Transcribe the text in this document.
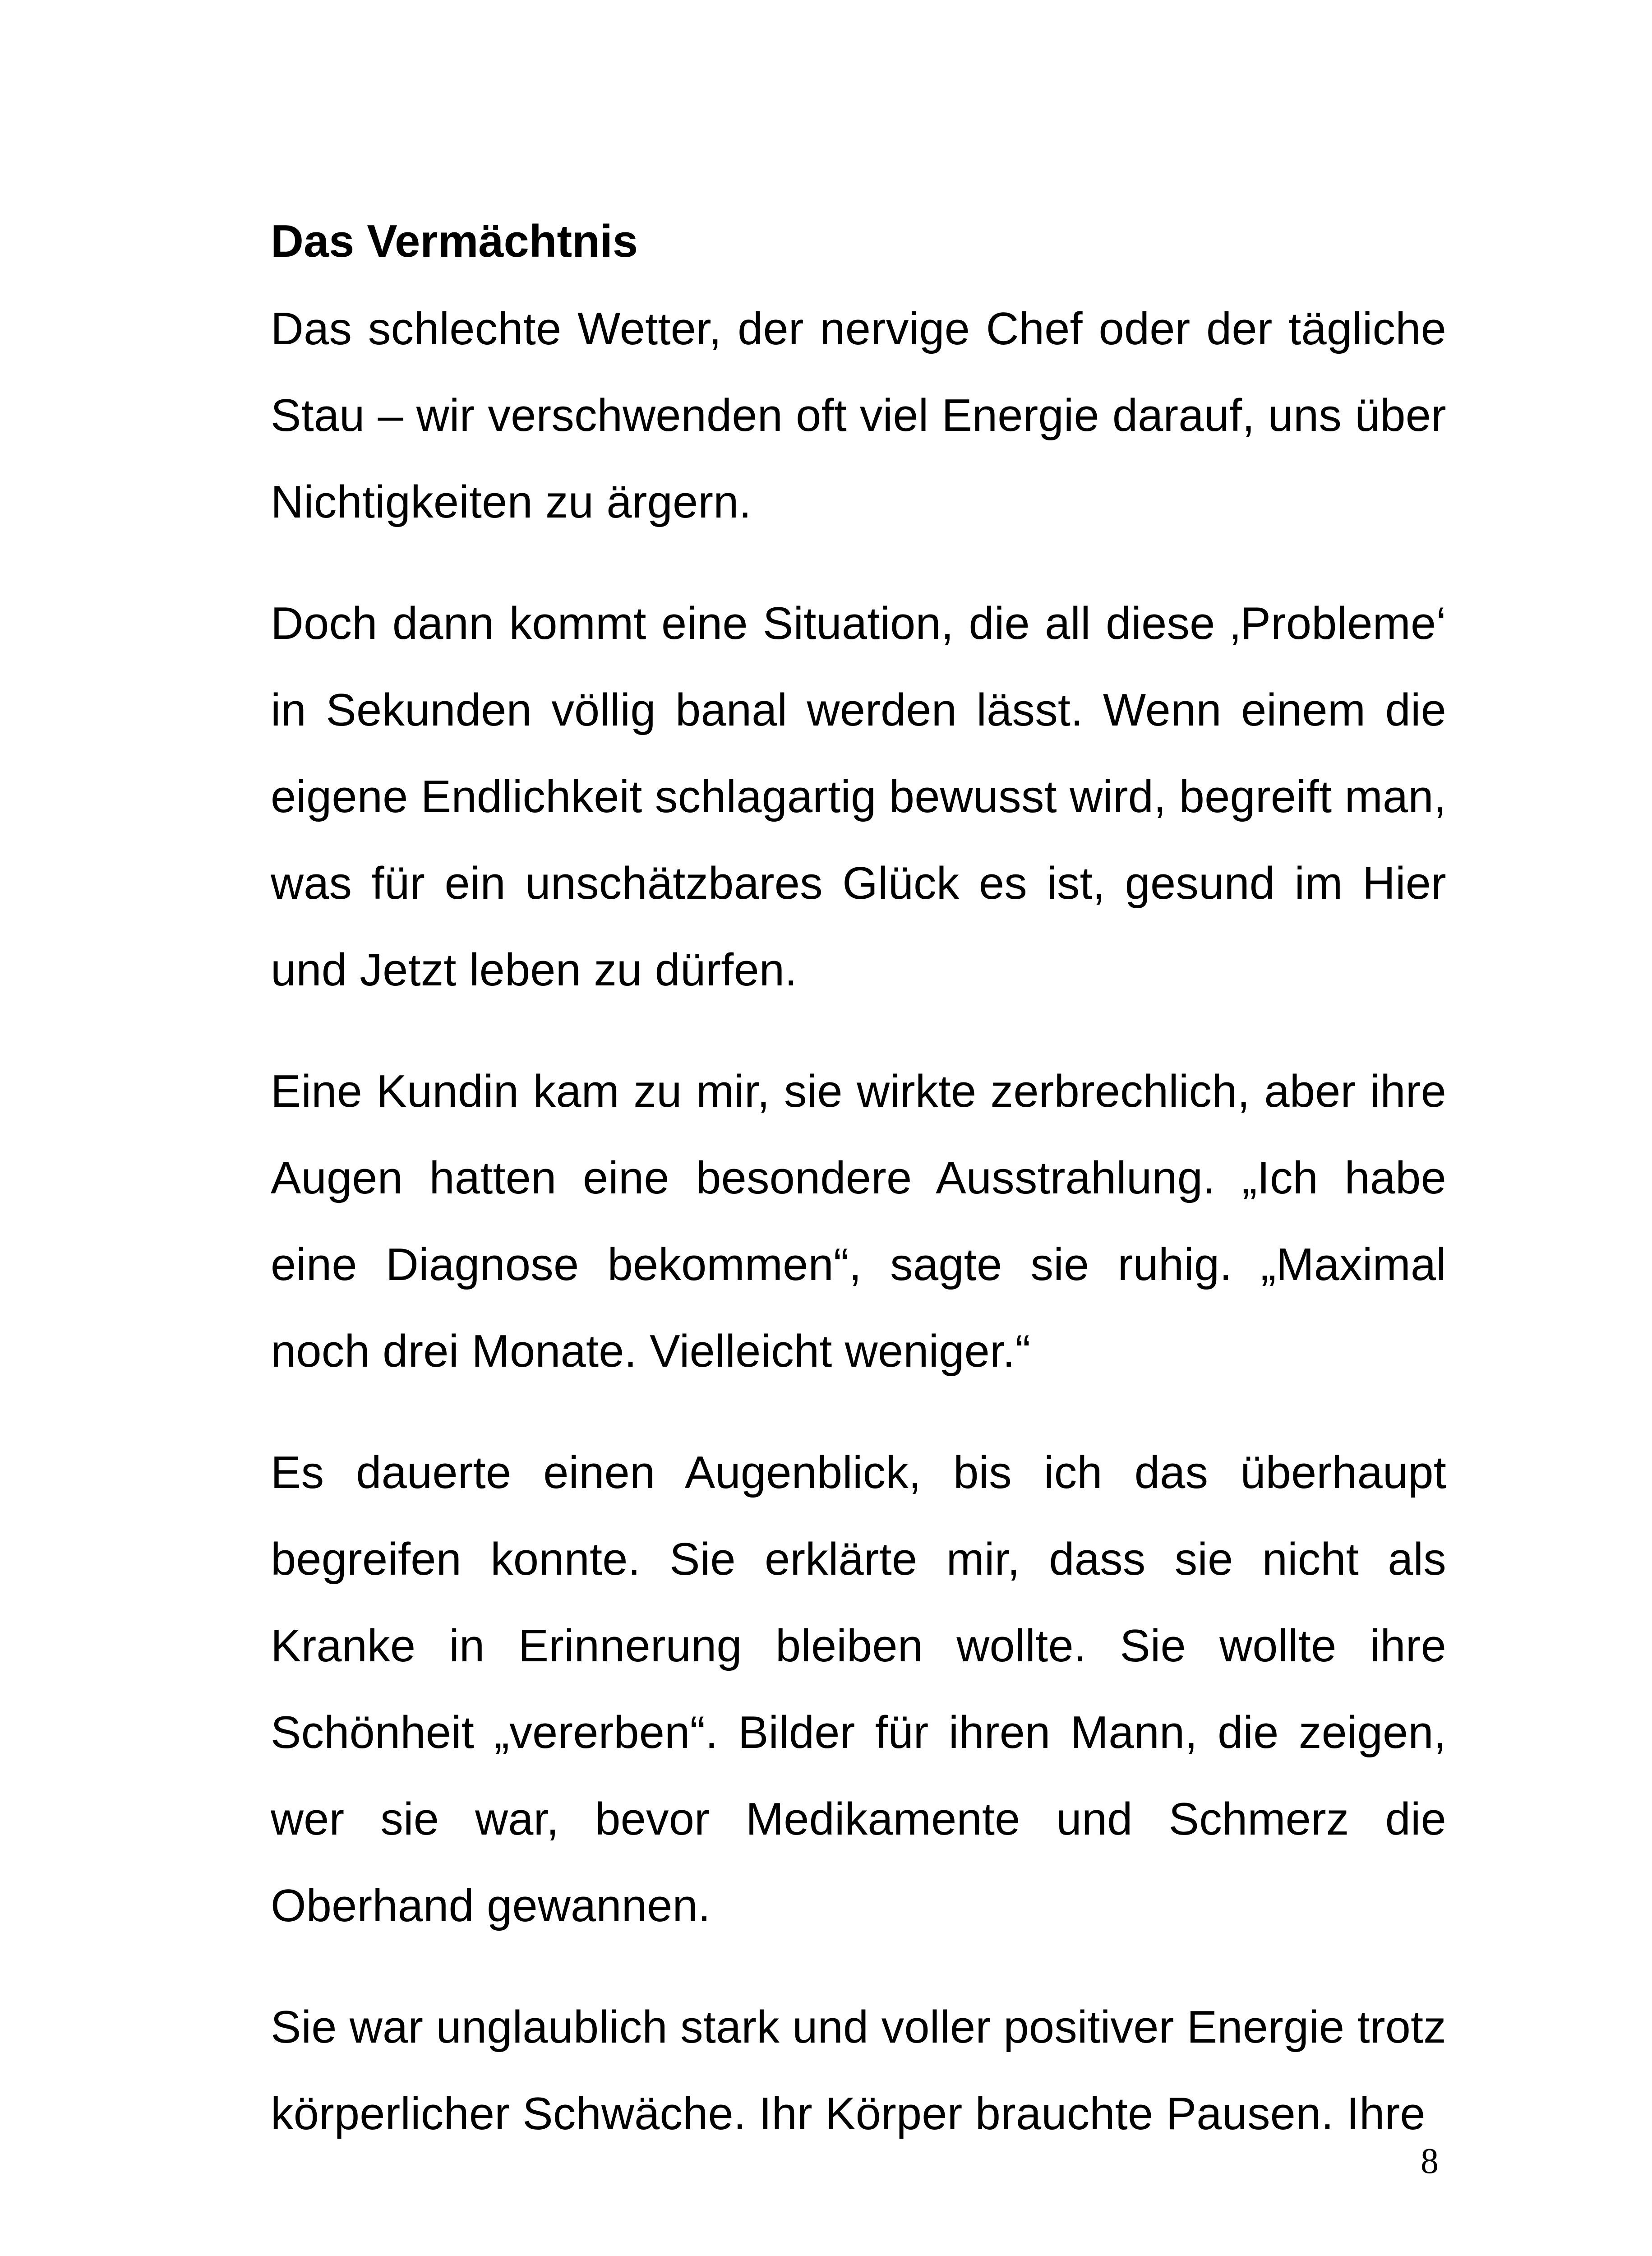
Das Vermächtnis

Das schlechte Wetter, der nervige Chef oder der tägliche Stau – wir verschwenden oft viel Energie darauf, uns über Nichtigkeiten zu ärgern.

Doch dann kommt eine Situation, die all diese ‚Probleme‘ in Sekunden völlig banal werden lässt. Wenn einem die eigene Endlichkeit schlagartig bewusst wird, begreift man, was für ein unschätzbares Glück es ist, gesund im Hier und Jetzt leben zu dürfen.

Eine Kundin kam zu mir, sie wirkte zerbrechlich, aber ihre Augen hatten eine besondere Ausstrahlung. „Ich habe eine Diagnose bekommen“, sagte sie ruhig. „Maximal noch drei Monate. Vielleicht weniger.“

Es dauerte einen Augenblick, bis ich das überhaupt begreifen konnte. Sie erklärte mir, dass sie nicht als Kranke in Erinnerung bleiben wollte. Sie wollte ihre Schönheit „vererben“. Bilder für ihren Mann, die zeigen, wer sie war, bevor Medikamente und Schmerz die Oberhand gewannen.

Sie war unglaublich stark und voller positiver Energie trotz körperlicher Schwäche. Ihr Körper brauchte Pausen. Ihre

8
